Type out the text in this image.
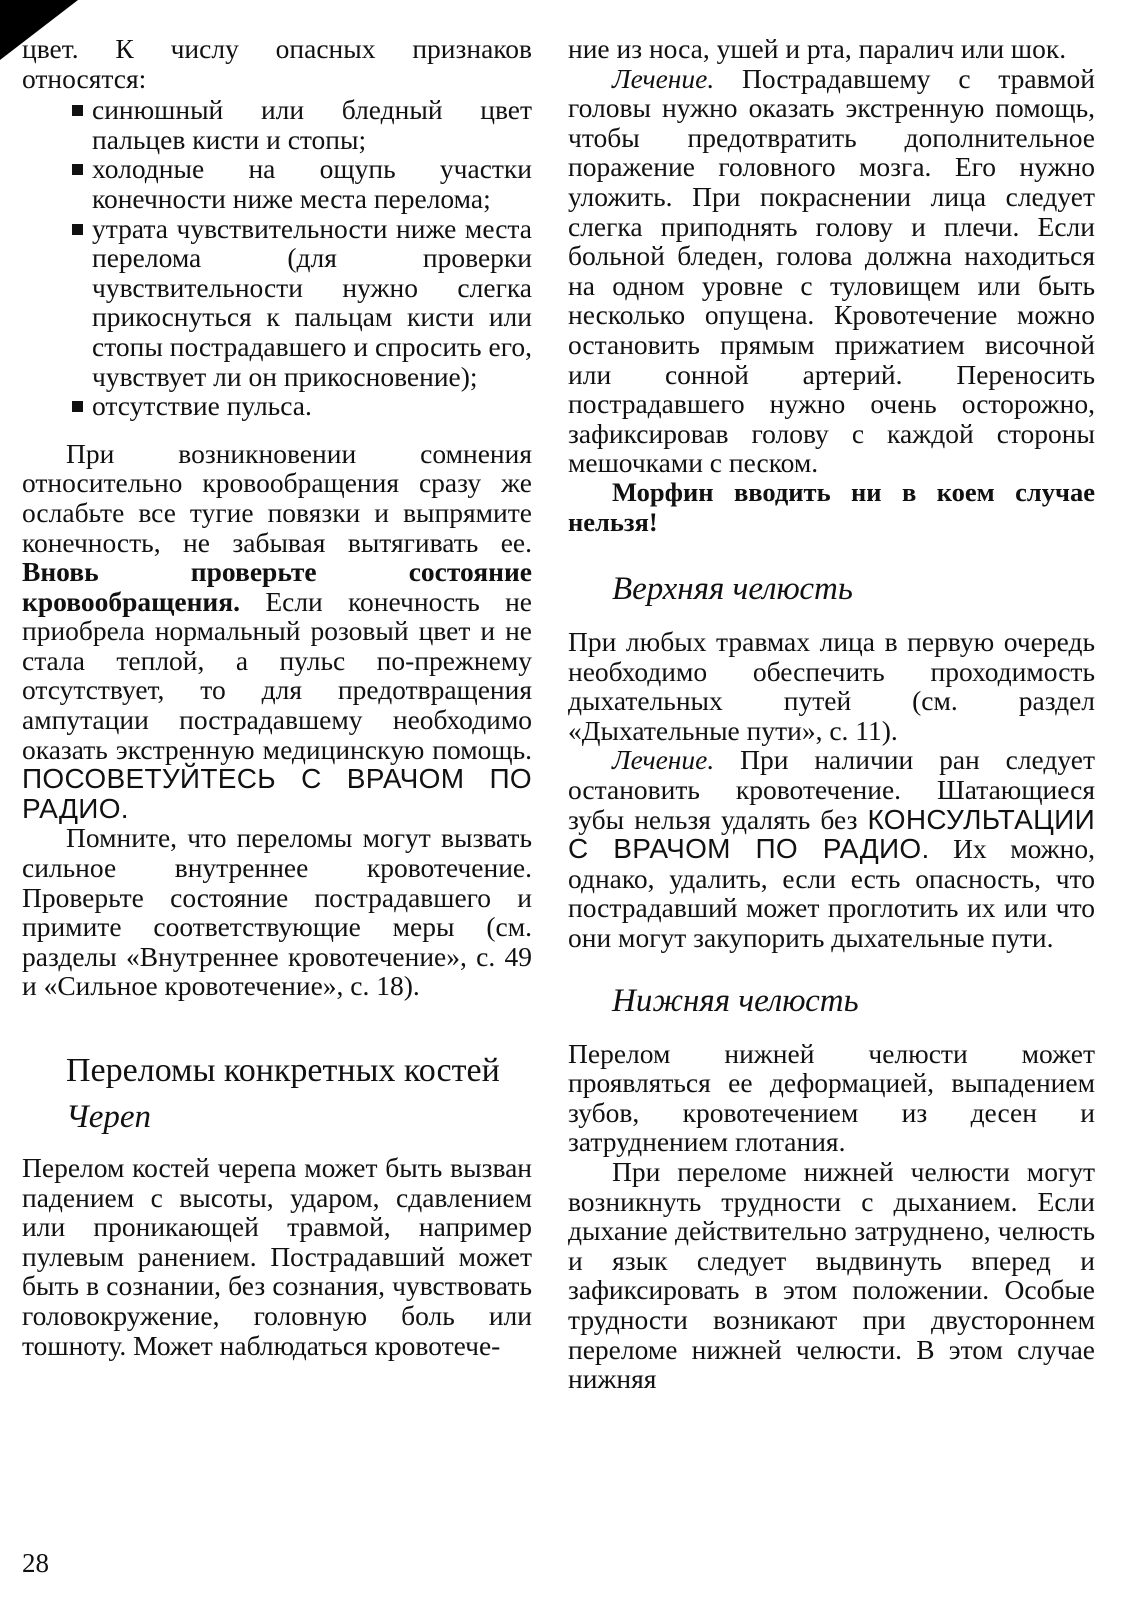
цвет. К числу опасных признаков относятся:

синюшный или бледный цвет пальцев кисти и стопы;
холодные на ощупь участки конечности ниже места перелома;
утрата чувствительности ниже места перелома (для проверки чувствительности нужно слегка прикоснуться к пальцам кисти или стопы пострадавшего и спросить его, чувствует ли он прикосновение);
отсутствие пульса.

При возникновении сомнения относительно кровообращения сразу же ослабьте все тугие повязки и выпрямите конечность, не забывая вытягивать ее. Вновь проверьте состояние кровообращения. Если конечность не приобрела нормальный розовый цвет и не стала теплой, а пульс по-прежнему отсутствует, то для предотвращения ампутации пострадавшему необходимо оказать экстренную медицинскую помощь. ПОСОВЕТУЙТЕСЬ С ВРАЧОМ ПО РАДИО.

Помните, что переломы могут вызвать сильное внутреннее кровотечение. Проверьте состояние пострадавшего и примите соответствующие меры (см. разделы «Внутреннее кровотечение», с. 49 и «Сильное кровотечение», с. 18).

Переломы конкретных костей
Череп

Перелом костей черепа может быть вызван падением с высоты, ударом, сдавлением или проникающей травмой, например пулевым ранением. Пострадавший может быть в сознании, без сознания, чувствовать головокружение, головную боль или тошноту. Может наблюдаться кровотече-

ние из носа, ушей и рта, паралич или шок.

Лечение. Пострадавшему с травмой головы нужно оказать экстренную помощь, чтобы предотвратить дополнительное поражение головного мозга. Его нужно уложить. При покраснении лица следует слегка приподнять голову и плечи. Если больной бледен, голова должна находиться на одном уровне с туловищем или быть несколько опущена. Кровотечение можно остановить прямым прижатием височной или сонной артерий. Переносить пострадавшего нужно очень осторожно, зафиксировав голову с каждой стороны мешочками с песком.

Морфин вводить ни в коем случае нельзя!

Верхняя челюсть

При любых травмах лица в первую очередь необходимо обеспечить проходимость дыхательных путей (см. раздел «Дыхательные пути», с. 11).

Лечение. При наличии ран следует остановить кровотечение. Шатающиеся зубы нельзя удалять без КОНСУЛЬТАЦИИ С ВРАЧОМ ПО РАДИО. Их можно, однако, удалить, если есть опасность, что пострадавший может проглотить их или что они могут закупорить дыхательные пути.

Нижняя челюсть

Перелом нижней челюсти может проявляться ее деформацией, выпадением зубов, кровотечением из десен и затруднением глотания.

При переломе нижней челюсти могут возникнуть трудности с дыханием. Если дыхание действительно затруднено, челюсть и язык следует выдвинуть вперед и зафиксировать в этом положении. Особые трудности возникают при двустороннем переломе нижней челюсти. В этом случае нижняя

28
